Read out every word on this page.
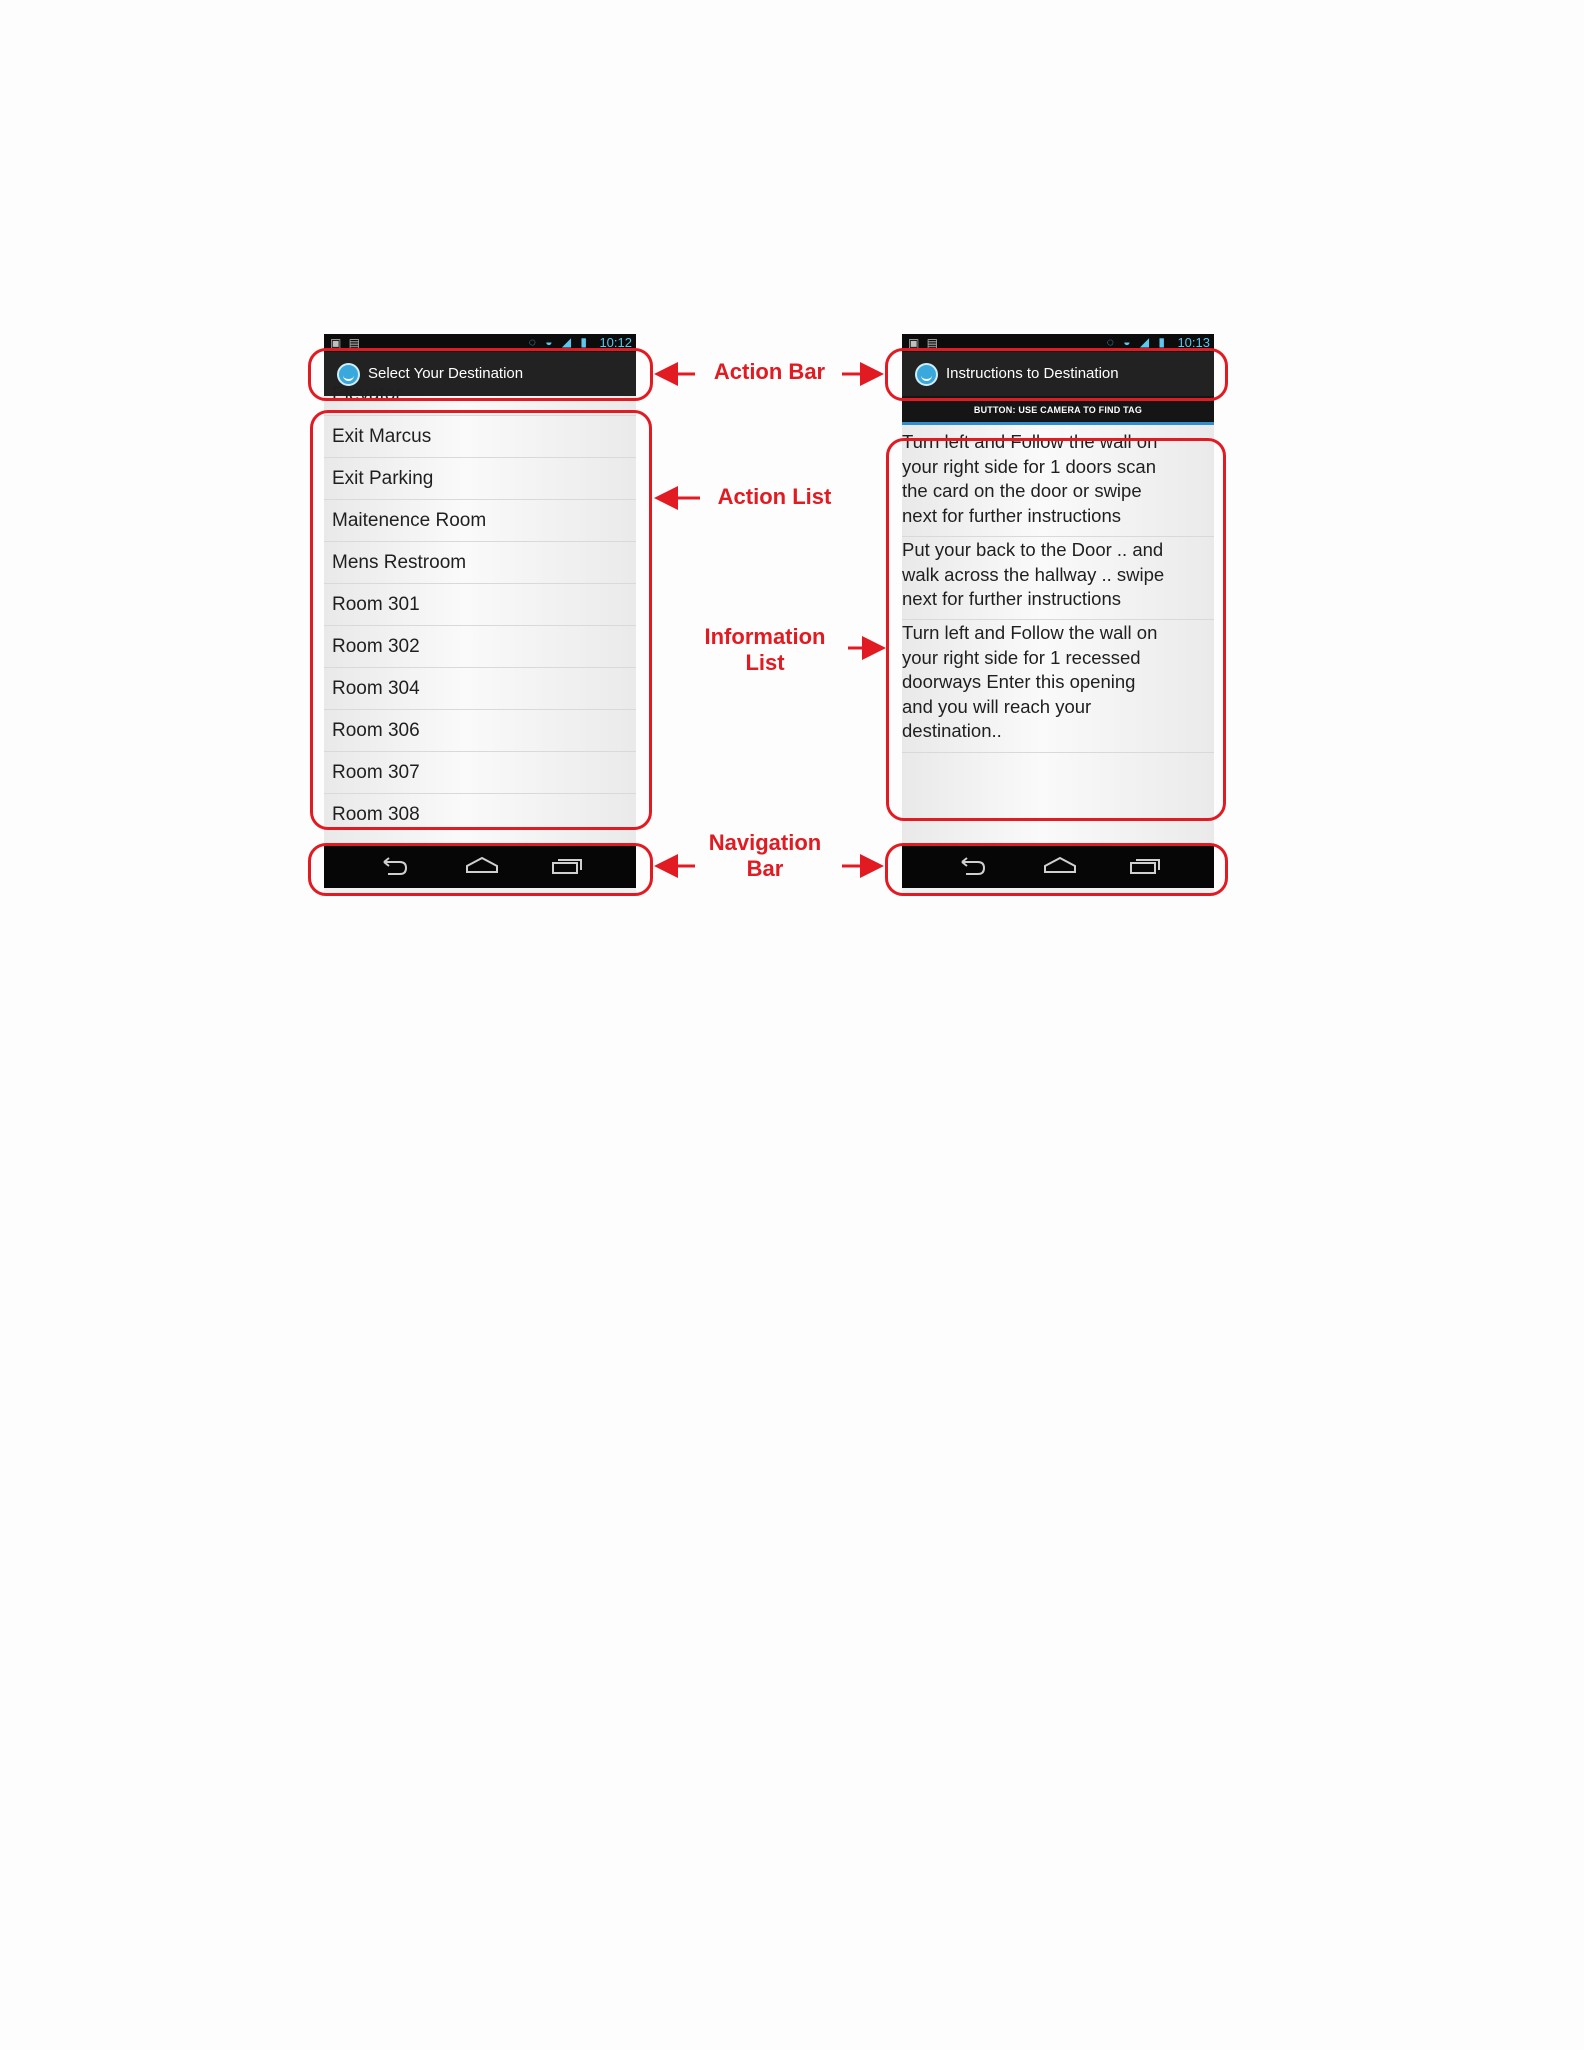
▣ ▤	◌ ◒ ◢ ▮ 10:12
Select Your Destination
Elevator
Exit Marcus
Exit Parking
Maitenence Room
Mens Restroom
Room 301
Room 302
Room 304
Room 306
Room 307
Room 308
▣ ▤	◌ ◒ ◢ ▮ 10:13
Instructions to Destination
BUTTON: USE CAMERA TO FIND TAG
Turn left and Follow the wall on
your right side for 1 doors scan
the card on the door or swipe
next for further instructions
Put your back to the Door .. and
walk across the hallway .. swipe
next for further instructions
Turn left and Follow the wall on
your right side for 1 recessed
doorways Enter this opening
and you will reach your
destination..
Action Bar
Action List
Information
List
Navigation
Bar
